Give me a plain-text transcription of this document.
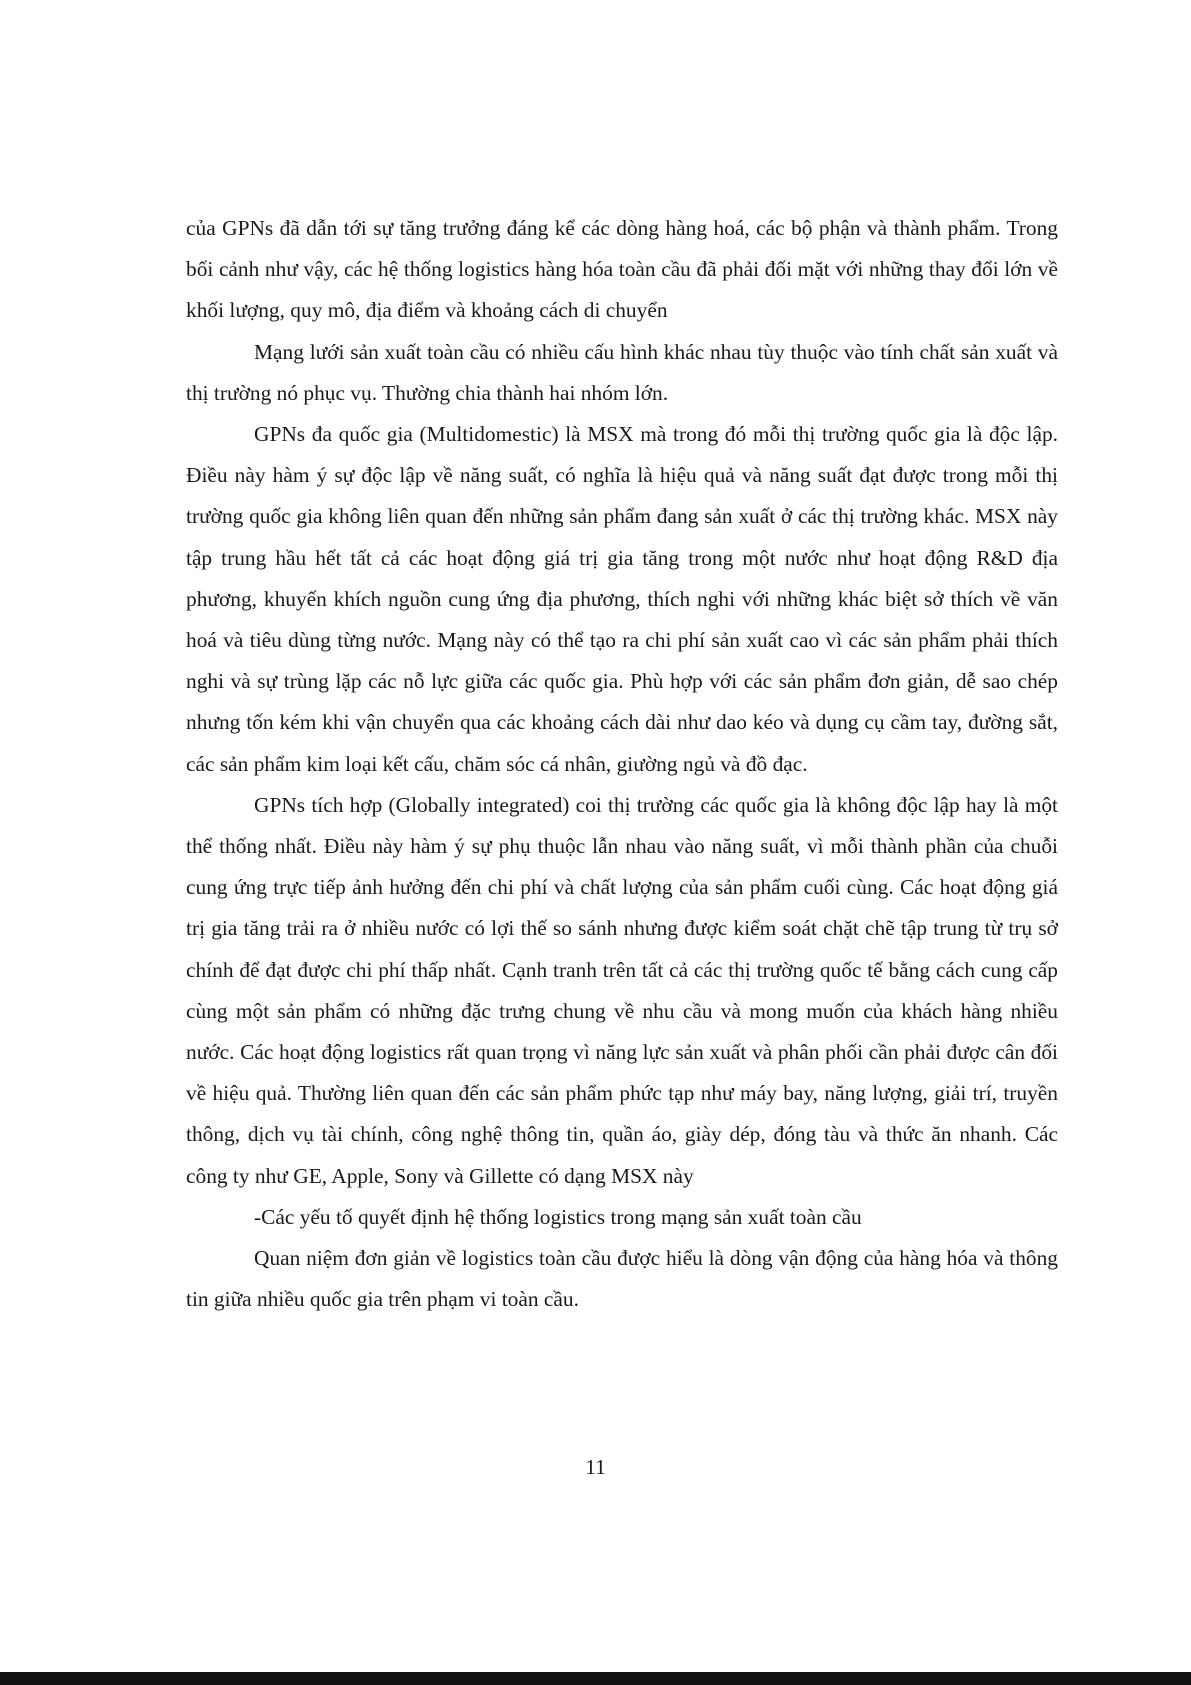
của GPNs đã dẫn tới sự tăng trưởng đáng kể các dòng hàng hoá, các bộ phận và thành phẩm. Trong bối cảnh như vậy, các hệ thống logistics hàng hóa toàn cầu đã phải đối mặt với những thay đổi lớn về khối lượng, quy mô, địa điểm và khoảng cách di chuyển

Mạng lưới sản xuất toàn cầu có nhiều cấu hình khác nhau tùy thuộc vào tính chất sản xuất và thị trường nó phục vụ. Thường chia thành hai nhóm lớn.

GPNs đa quốc gia (Multidomestic) là MSX mà trong đó mỗi thị trường quốc gia là độc lập. Điều này hàm ý sự độc lập về năng suất, có nghĩa là hiệu quả và năng suất đạt được trong mỗi thị trường quốc gia không liên quan đến những sản phẩm đang sản xuất ở các thị trường khác. MSX này tập trung hầu hết tất cả các hoạt động giá trị gia tăng trong một nước như hoạt động R&D địa phương, khuyến khích nguồn cung ứng địa phương, thích nghi với những khác biệt sở thích về văn hoá và tiêu dùng từng nước. Mạng này có thể tạo ra chi phí sản xuất cao vì các sản phẩm phải thích nghi và sự trùng lặp các nỗ lực giữa các quốc gia. Phù hợp với các sản phẩm đơn giản, dễ sao chép nhưng tốn kém khi vận chuyển qua các khoảng cách dài như dao kéo và dụng cụ cầm tay, đường sắt, các sản phẩm kim loại kết cấu, chăm sóc cá nhân, giường ngủ và đồ đạc.

GPNs tích hợp (Globally integrated) coi thị trường các quốc gia là không độc lập hay là một thể thống nhất. Điều này hàm ý sự phụ thuộc lẫn nhau vào năng suất, vì mỗi thành phần của chuỗi cung ứng trực tiếp ảnh hưởng đến chi phí và chất lượng của sản phẩm cuối cùng. Các hoạt động giá trị gia tăng trải ra ở nhiều nước có lợi thế so sánh nhưng được kiểm soát chặt chẽ tập trung từ trụ sở chính để đạt được chi phí thấp nhất. Cạnh tranh trên tất cả các thị trường quốc tế bằng cách cung cấp cùng một sản phẩm có những đặc trưng chung về nhu cầu và mong muốn của khách hàng nhiều nước. Các hoạt động logistics rất quan trọng vì năng lực sản xuất và phân phối cần phải được cân đối về hiệu quả. Thường liên quan đến các sản phẩm phức tạp như máy bay, năng lượng, giải trí, truyền thông, dịch vụ tài chính, công nghệ thông tin, quần áo, giày dép, đóng tàu và thức ăn nhanh. Các công ty như GE, Apple, Sony và Gillette có dạng MSX này

-Các yếu tố quyết định hệ thống logistics trong mạng sản xuất toàn cầu

Quan niệm đơn giản về logistics toàn cầu được hiểu là dòng vận động của hàng hóa và thông tin giữa nhiều quốc gia trên phạm vi toàn cầu.

11
